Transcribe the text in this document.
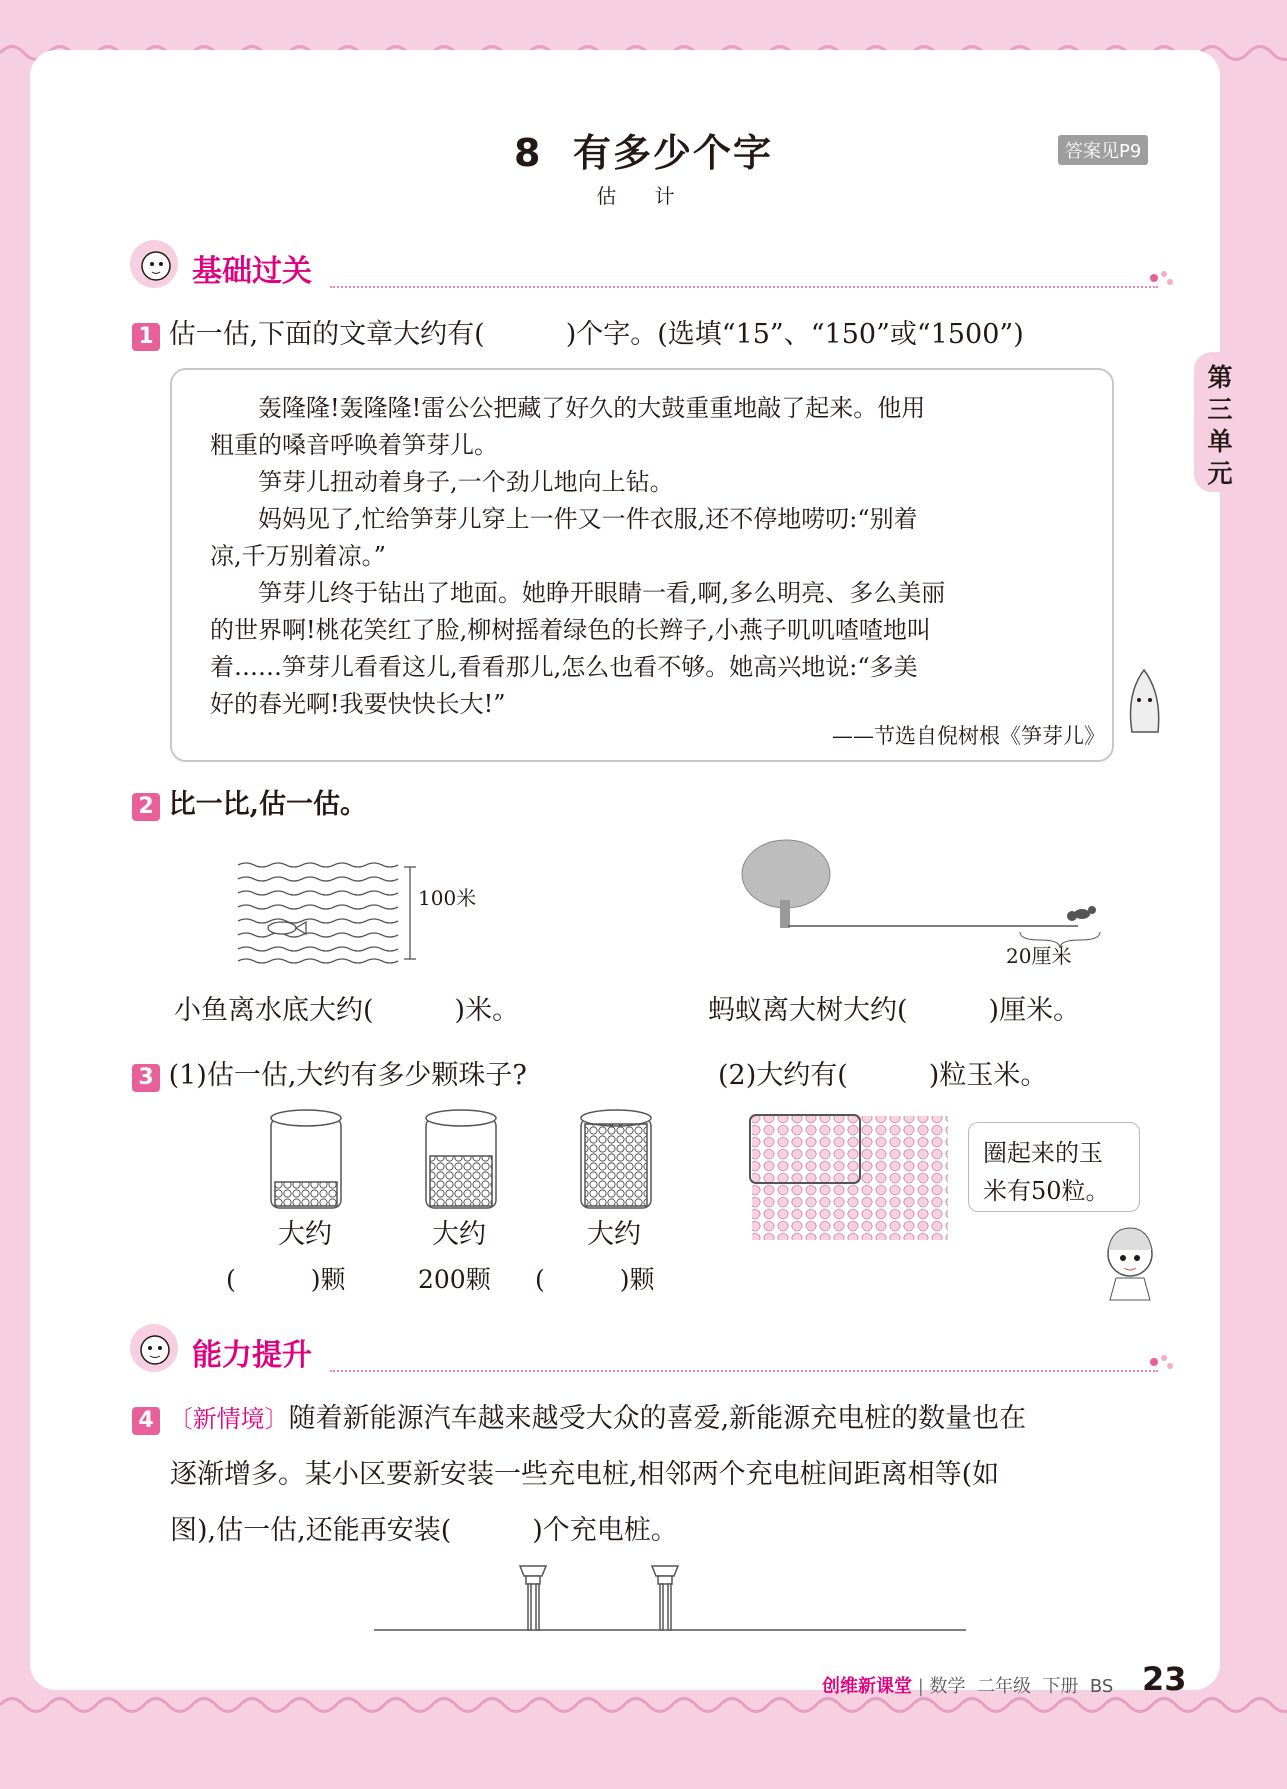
8 有多少个字
估 计
答案见P9
第三单元
基础过关
1 估一估,下面的文章大约有(　　　)个字。(选填“15”、“150”或“1500”)
　　轰隆隆!轰隆隆!雷公公把藏了好久的大鼓重重地敲了起来。他用
粗重的嗓音呼唤着笋芽儿。
　　笋芽儿扭动着身子,一个劲儿地向上钻。
　　妈妈见了,忙给笋芽儿穿上一件又一件衣服,还不停地唠叨:“别着
凉,千万别着凉。”
　　笋芽儿终于钻出了地面。她睁开眼睛一看,啊,多么明亮、多么美丽
的世界啊!桃花笑红了脸,柳树摇着绿色的长辫子,小燕子叽叽喳喳地叫
着……笋芽儿看看这儿,看看那儿,怎么也看不够。她高兴地说:“多美
好的春光啊!我要快快长大!”
——节选自倪树根《笋芽儿》
2 比一比,估一估。
100米
20厘米
小鱼离水底大约(　　　)米。	蚂蚁离大树大约(　　　)厘米。
3 (1)估一估,大约有多少颗珠子?	(2)大约有(　　　)粒玉米。
大约	大约	大约
(　　　)颗	200颗 (　　　)颗
圈起来的玉
米有50粒。
能力提升
4 〔新情境〕随着新能源汽车越来越受大众的喜爱,新能源充电桩的数量也在
逐渐增多。某小区要新安装一些充电桩,相邻两个充电桩间距离相等(如
图),估一估,还能再安装(　　　)个充电桩。
创维新课堂 | 数学 二年级 下册 BS 23
